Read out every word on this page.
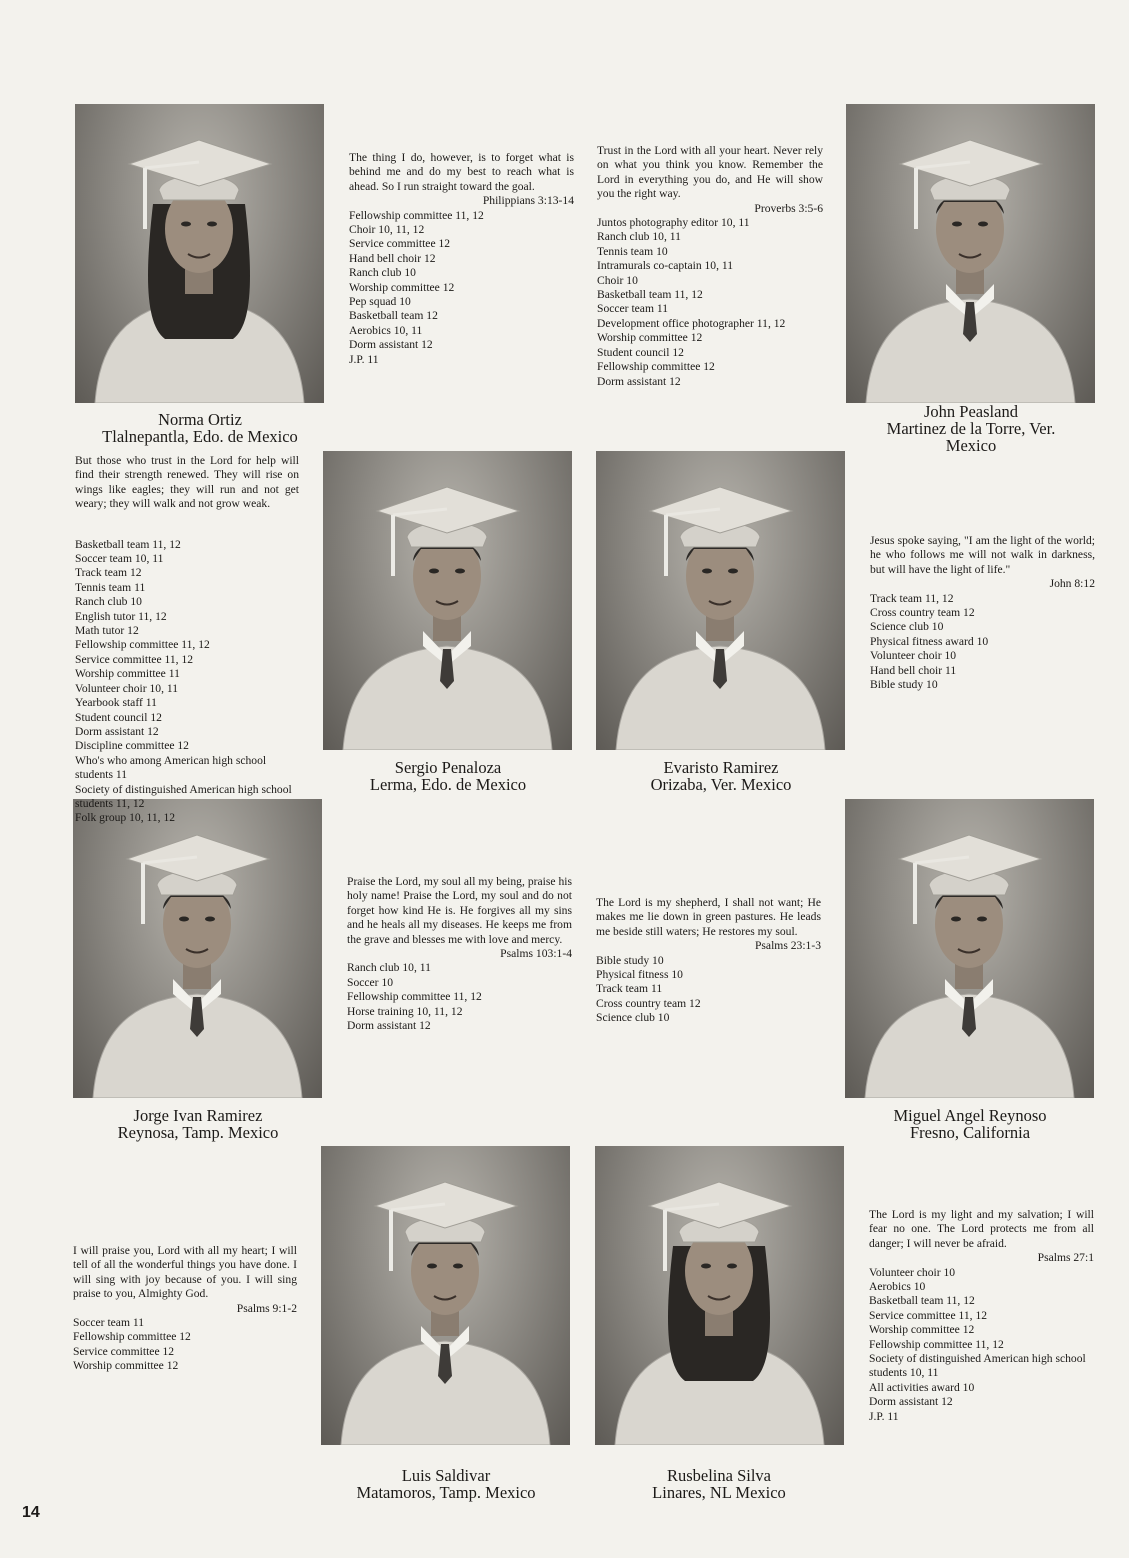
Norma Ortiz
Tlalnepantla, Edo. de Mexico
John Peasland
Martinez de la Torre, Ver.
Mexico
Sergio Penaloza
Lerma, Edo. de Mexico
Evaristo Ramirez
Orizaba, Ver. Mexico
Jorge Ivan Ramirez
Reynosa, Tamp. Mexico
Miguel Angel Reynoso
Fresno, California
Luis Saldivar
Matamoros, Tamp. Mexico
Rusbelina Silva
Linares, NL Mexico
The thing I do, however, is to forget what is behind me and do my best to reach what is ahead. So I run straight toward the goal.
Philippians 3:13-14
Fellowship committee 11, 12
Choir 10, 11, 12
Service committee 12
Hand bell choir 12
Ranch club 10
Worship committee 12
Pep squad 10
Basketball team 12
Aerobics 10, 11
Dorm assistant 12
J.P. 11
Trust in the Lord with all your heart. Never rely on what you think you know. Remember the Lord in everything you do, and He will show you the right way.
Proverbs 3:5-6
Juntos photography editor 10, 11
Ranch club 10, 11
Tennis team 10
Intramurals co-captain 10, 11
Choir 10
Basketball team 11, 12
Soccer team 11
Development office photographer 11, 12
Worship committee 12
Student council 12
Fellowship committee 12
Dorm assistant 12
But those who trust in the Lord for help will find their strength renewed. They will rise on wings like eagles; they will run and not get weary; they will walk and not grow weak.
Basketball team 11, 12
Soccer team 10, 11
Track team 12
Tennis team 11
Ranch club 10
English tutor 11, 12
Math tutor 12
Fellowship committee 11, 12
Service committee 11, 12
Worship committee 11
Volunteer choir 10, 11
Yearbook staff 11
Student council 12
Dorm assistant 12
Discipline committee 12
Who's who among American high school students 11
Society of distinguished American high school students 11, 12
Folk group 10, 11, 12
Jesus spoke saying, "I am the light of the world; he who follows me will not walk in darkness, but will have the light of life."
John 8:12
Track team 11, 12
Cross country team 12
Science club 10
Physical fitness award 10
Volunteer choir 10
Hand bell choir 11
Bible study 10
Praise the Lord, my soul all my being, praise his holy name! Praise the Lord, my soul and do not forget how kind He is. He forgives all my sins and he heals all my diseases. He keeps me from the grave and blesses me with love and mercy.
Psalms 103:1-4
Ranch club 10, 11
Soccer 10
Fellowship committee 11, 12
Horse training 10, 11, 12
Dorm assistant 12
The Lord is my shepherd, I shall not want; He makes me lie down in green pastures. He leads me beside still waters; He restores my soul.
Psalms 23:1-3
Bible study 10
Physical fitness 10
Track team 11
Cross country team 12
Science club 10
I will praise you, Lord with all my heart; I will tell of all the wonderful things you have done. I will sing with joy because of you. I will sing praise to you, Almighty God.
Psalms 9:1-2
Soccer team 11
Fellowship committee 12
Service committee 12
Worship committee 12
The Lord is my light and my salvation; I will fear no one. The Lord protects me from all danger; I will never be afraid.
Psalms 27:1
Volunteer choir 10
Aerobics 10
Basketball team 11, 12
Service committee 11, 12
Worship committee 12
Fellowship committee 11, 12
Society of distinguished American high school students 10, 11
All activities award 10
Dorm assistant 12
J.P. 11
14
